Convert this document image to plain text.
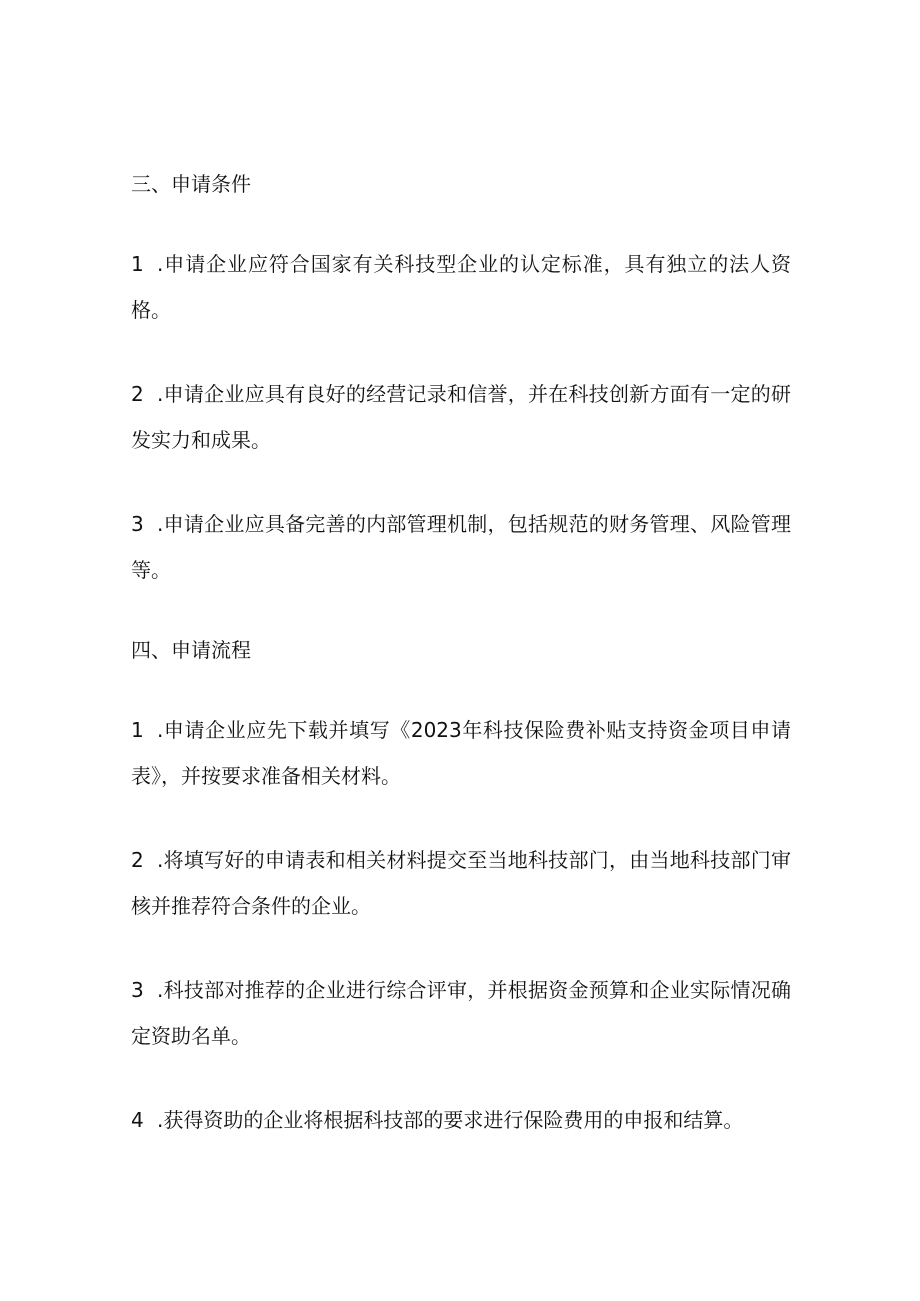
三、申请条件

1 .申请企业应符合国家有关科技型企业的认定标准，具有独立的法人资格。

2 .申请企业应具有良好的经营记录和信誉，并在科技创新方面有一定的研发实力和成果。

3 .申请企业应具备完善的内部管理机制，包括规范的财务管理、风险管理等。

四、申请流程

1 .申请企业应先下载并填写《2023年科技保险费补贴支持资金项目申请表》，并按要求准备相关材料。

2 .将填写好的申请表和相关材料提交至当地科技部门，由当地科技部门审核并推荐符合条件的企业。

3 .科技部对推荐的企业进行综合评审，并根据资金预算和企业实际情况确定资助名单。

4 .获得资助的企业将根据科技部的要求进行保险费用的申报和结算。
